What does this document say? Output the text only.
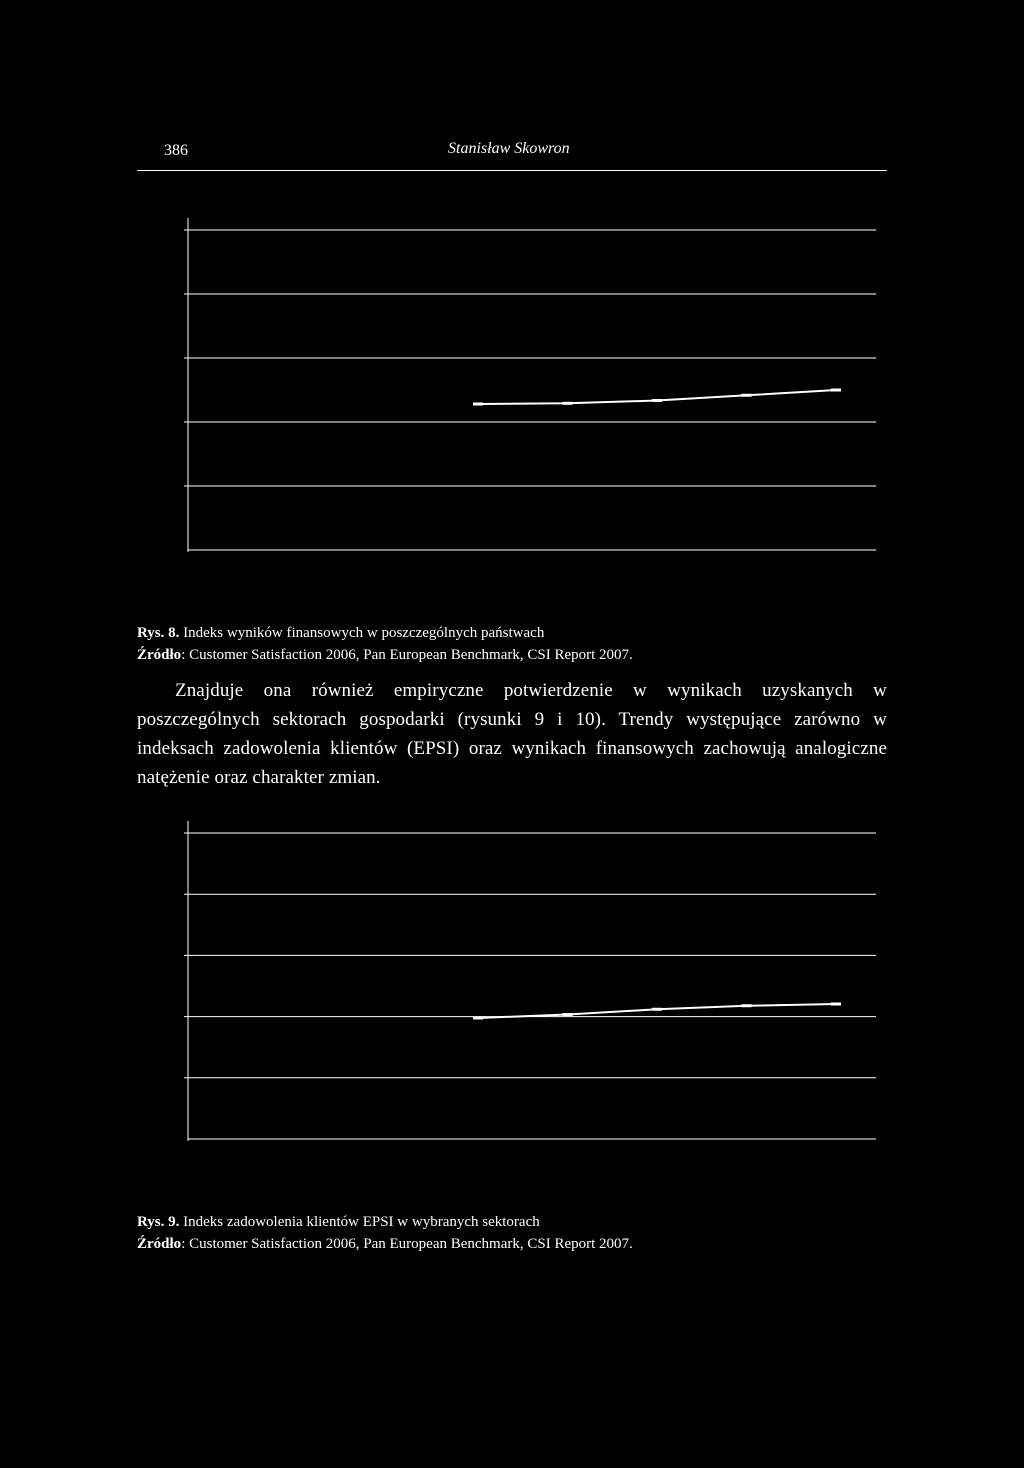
386	Stanisław Skowron
Rys. 8. Indeks wyników finansowych w poszczególnych państwach
Źródło: Customer Satisfaction 2006, Pan European Benchmark, CSI Report 2007.

Znajduje ona również empiryczne potwierdzenie w wynikach uzyskanych w poszczególnych sektorach gospodarki (rysunki 9 i 10). Trendy występujące zarówno w indeksach zadowolenia klientów (EPSI) oraz wynikach finansowych zachowują analogiczne natężenie oraz charakter zmian.

Rys. 9. Indeks zadowolenia klientów EPSI w wybranych sektorach
Źródło: Customer Satisfaction 2006, Pan European Benchmark, CSI Report 2007.
